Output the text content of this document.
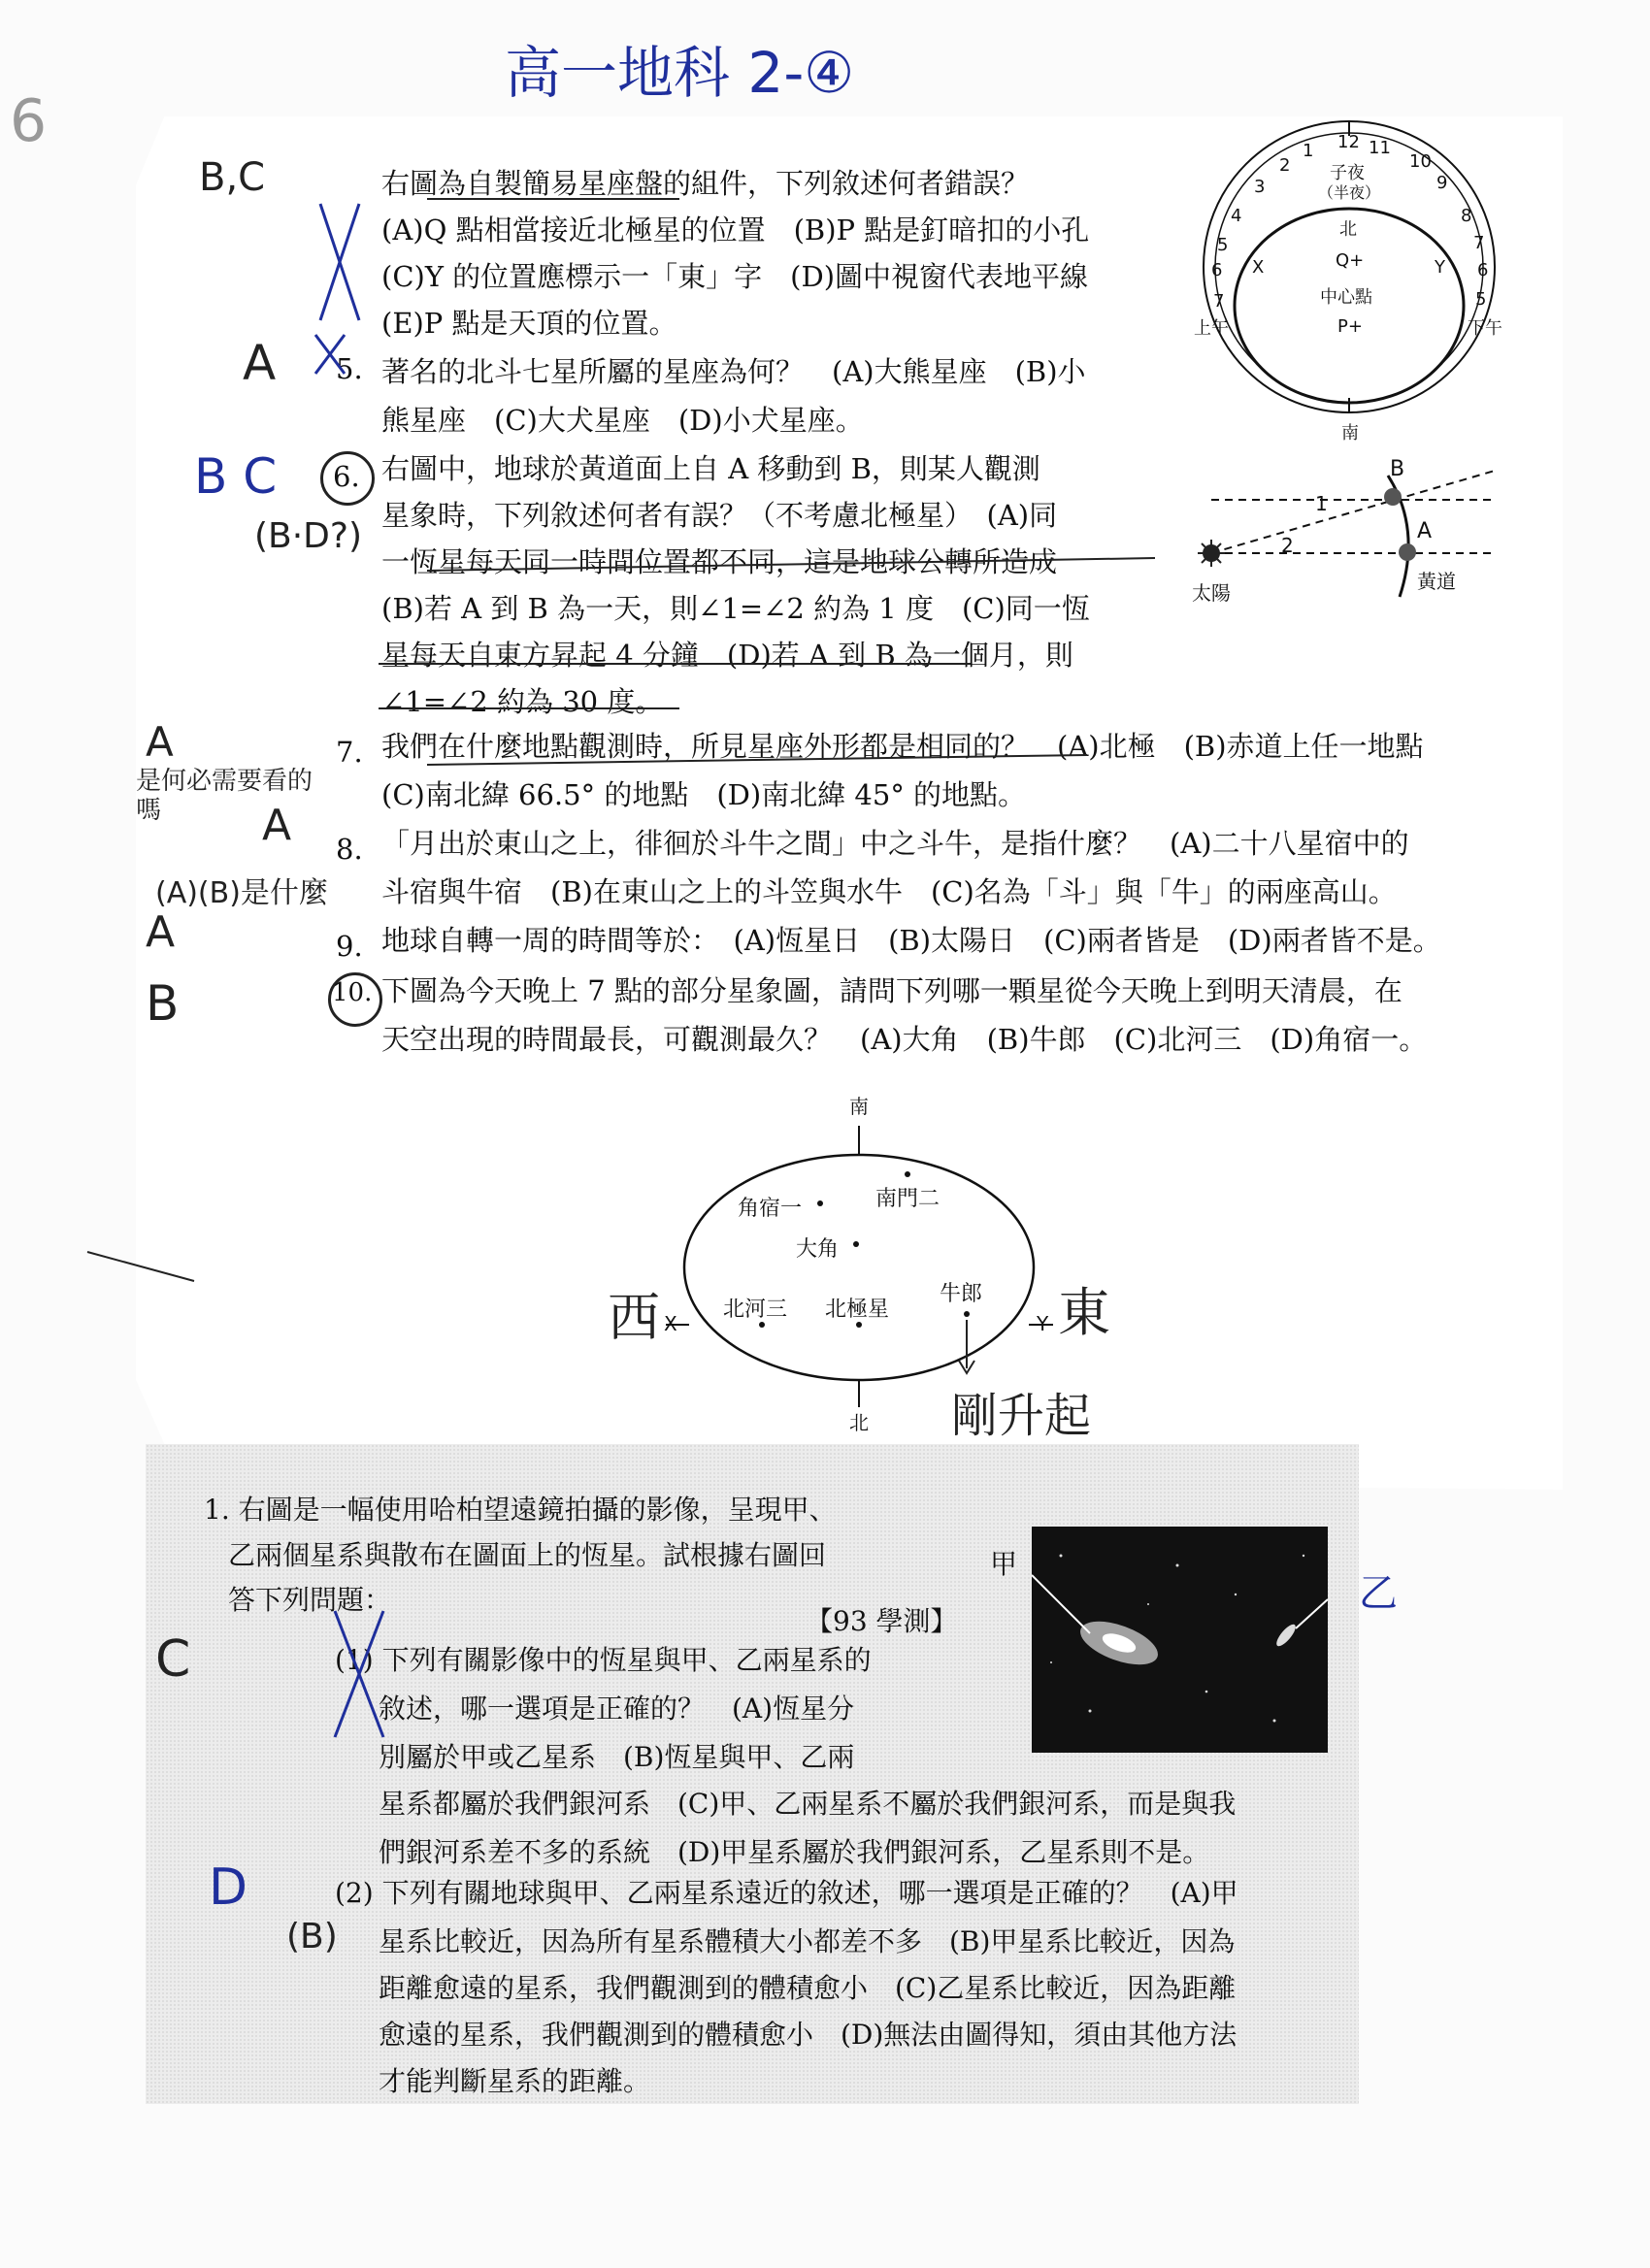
高一地科 2-④
6
B,C	右圖為自製簡易星座盤的組件，下列敘述何者錯誤？
(A)Q 點相當接近北極星的位置　(B)P 點是釘暗扣的小孔
(C)Y 的位置應標示一「東」字　(D)圖中視窗代表地平線
(E)P 點是天頂的位置。
A 5. 著名的北斗七星所屬的星座為何？　(A)大熊星座　(B)小
熊星座　(C)大犬星座　(D)小犬星座。
B C
(B·D?)
6. 右圖中，地球於黃道面上自 A 移動到 B，則某人觀測
星象時，下列敘述何者有誤？（不考慮北極星）　(A)同
一恆星每天同一時間位置都不同，這是地球公轉所造成
(B)若 A 到 B 為一天，則∠1=∠2 約為 1 度　(C)同一恆
星每天自東方昇起 4 分鐘　(D)若 A 到 B 為一個月，則
∠1=∠2 約為 30 度。
A
是何必需要看的嗎
7. 我們在什麼地點觀測時，所見星座外形都是相同的？　(A)北極　(B)赤道上任一地點
(C)南北緯 66.5° 的地點　(D)南北緯 45° 的地點。
A
(A)(B)是什麼
8. 「月出於東山之上，徘徊於斗牛之間」中之斗牛，是指什麼？　(A)二十八星宿中的
斗宿與牛宿　(B)在東山之上的斗笠與水牛　(C)名為「斗」與「牛」的兩座高山。
A	9. 地球自轉一周的時間等於：　(A)恆星日　(B)太陽日　(C)兩者皆是　(D)兩者皆不是。
B	10. 下圖為今天晚上 7 點的部分星象圖，請問下列哪一顆星從今天晚上到明天清晨，在
天空出現的時間最長，可觀測最久？　(A)大角　(B)牛郎　(C)北河三　(D)角宿一。
12
1
2
3
4
5
6
7
11
10
9
8
7
6
5
子夜
（半夜）
北
X	Y
Q+
中心點
P+
上午	下午
南
B
A
1
2
太陽	黃道
南
北
X	Y
角宿一	南門二
大角
北河三 北極星
牛郎
西	東
剛升起
1. 右圖是一幅使用哈柏望遠鏡拍攝的影像，呈現甲、
乙兩個星系與散布在圖面上的恆星。試根據右圖回
答下列問題：
【93 學測】
甲
乙
C	(1) 下列有關影像中的恆星與甲、乙兩星系的
敘述，哪一選項是正確的？　(A)恆星分
別屬於甲或乙星系　(B)恆星與甲、乙兩
星系都屬於我們銀河系　(C)甲、乙兩星系不屬於我們銀河系，而是與我
們銀河系差不多的系統　(D)甲星系屬於我們銀河系，乙星系則不是。
D
(B)
(2) 下列有關地球與甲、乙兩星系遠近的敘述，哪一選項是正確的？　(A)甲
星系比較近，因為所有星系體積大小都差不多　(B)甲星系比較近，因為
距離愈遠的星系，我們觀測到的體積愈小　(C)乙星系比較近，因為距離
愈遠的星系，我們觀測到的體積愈小　(D)無法由圖得知，須由其他方法
才能判斷星系的距離。
